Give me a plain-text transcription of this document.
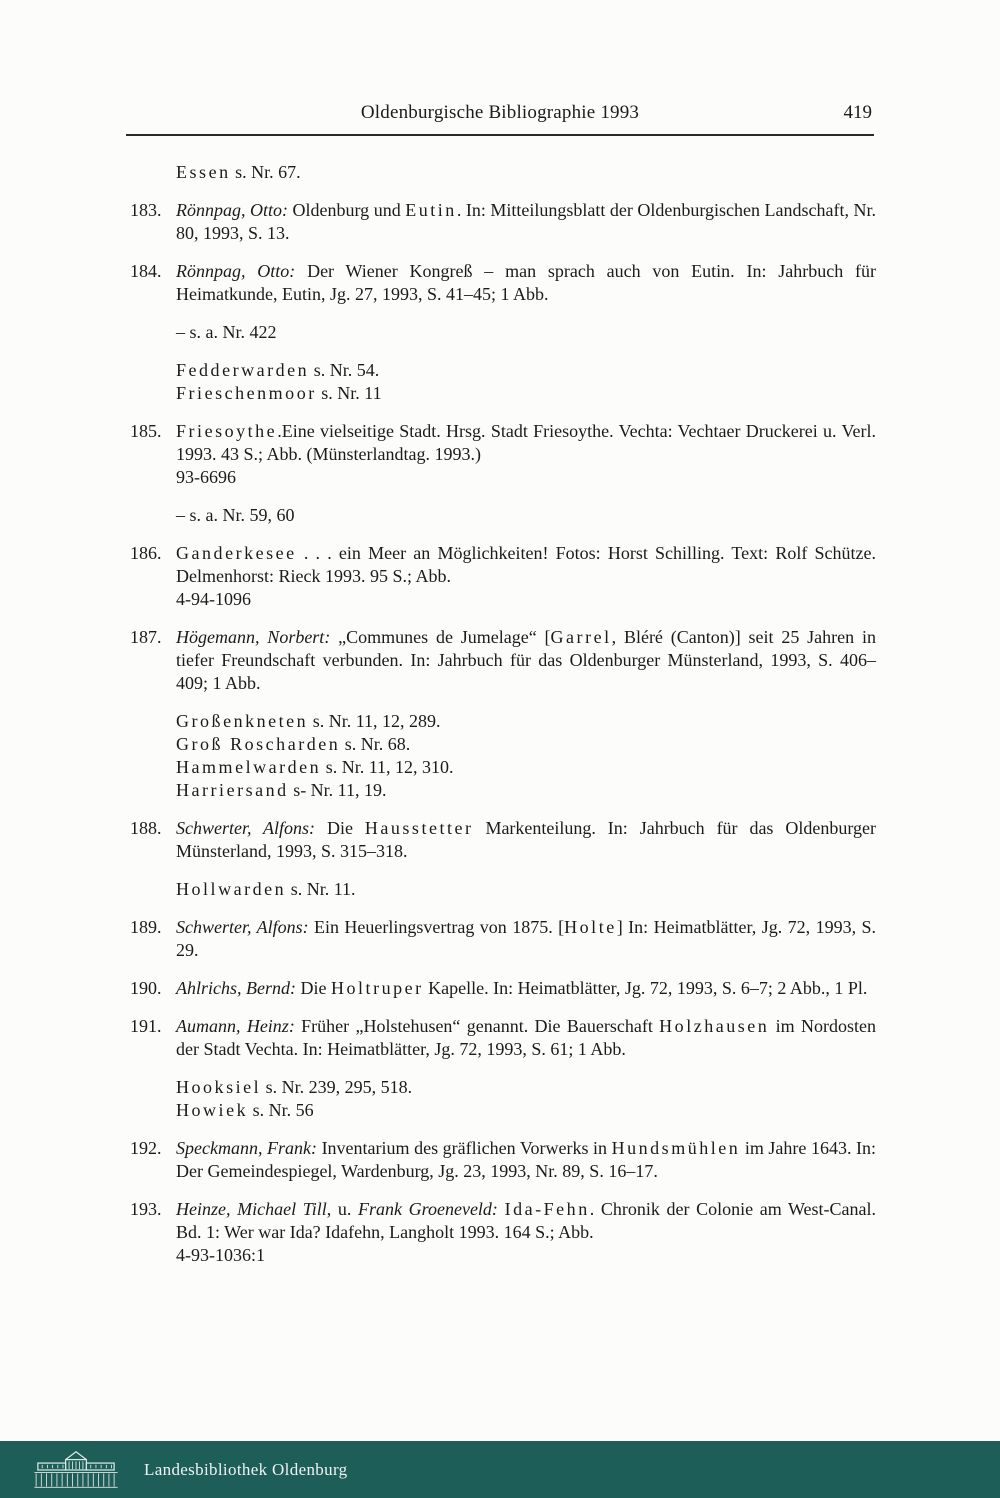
Oldenburgische Bibliographie 1993	419
Essen s. Nr. 67.
183. Rönnpag, Otto: Oldenburg und Eutin. In: Mitteilungsblatt der Oldenburgischen Landschaft, Nr. 80, 1993, S. 13.
184. Rönnpag, Otto: Der Wiener Kongreß – man sprach auch von Eutin. In: Jahrbuch für Heimatkunde, Eutin, Jg. 27, 1993, S. 41–45; 1 Abb.
– s. a. Nr. 422
Fedderwarden s. Nr. 54.
Frieschenmoor s. Nr. 11
185. Friesoythe.Eine vielseitige Stadt. Hrsg. Stadt Friesoythe. Vechta: Vechtaer Druckerei u. Verl. 1993. 43 S.; Abb. (Münsterlandtag. 1993.)
93-6696
– s. a. Nr. 59, 60
186. Ganderkesee . . . ein Meer an Möglichkeiten! Fotos: Horst Schilling. Text: Rolf Schütze. Delmenhorst: Rieck 1993. 95 S.; Abb.
4-94-1096
187. Högemann, Norbert: „Communes de Jumelage“ [Garrel, Bléré (Canton)] seit 25 Jahren in tiefer Freundschaft verbunden. In: Jahrbuch für das Oldenburger Münsterland, 1993, S. 406–409; 1 Abb.
Großenkneten s. Nr. 11, 12, 289.
Groß Roscharden s. Nr. 68.
Hammelwarden s. Nr. 11, 12, 310.
Harriersand s- Nr. 11, 19.
188. Schwerter, Alfons: Die Hausstetter Markenteilung. In: Jahrbuch für das Oldenburger Münsterland, 1993, S. 315–318.
Hollwarden s. Nr. 11.
189. Schwerter, Alfons: Ein Heuerlingsvertrag von 1875. [Holte] In: Heimatblätter, Jg. 72, 1993, S. 29.
190. Ahlrichs, Bernd: Die Holtruper Kapelle. In: Heimatblätter, Jg. 72, 1993, S. 6–7; 2 Abb., 1 Pl.
191. Aumann, Heinz: Früher „Holstehusen“ genannt. Die Bauerschaft Holzhausen im Nordosten der Stadt Vechta. In: Heimatblätter, Jg. 72, 1993, S. 61; 1 Abb.
Hooksiel s. Nr. 239, 295, 518.
Howiek s. Nr. 56
192. Speckmann, Frank: Inventarium des gräflichen Vorwerks in Hundsmühlen im Jahre 1643. In: Der Gemeindespiegel, Wardenburg, Jg. 23, 1993, Nr. 89, S. 16–17.
193. Heinze, Michael Till, u. Frank Groeneveld: Ida-Fehn. Chronik der Colonie am West-Canal. Bd. 1: Wer war Ida? Idafehn, Langholt 1993. 164 S.; Abb.
4-93-1036:1
Landesbibliothek Oldenburg
